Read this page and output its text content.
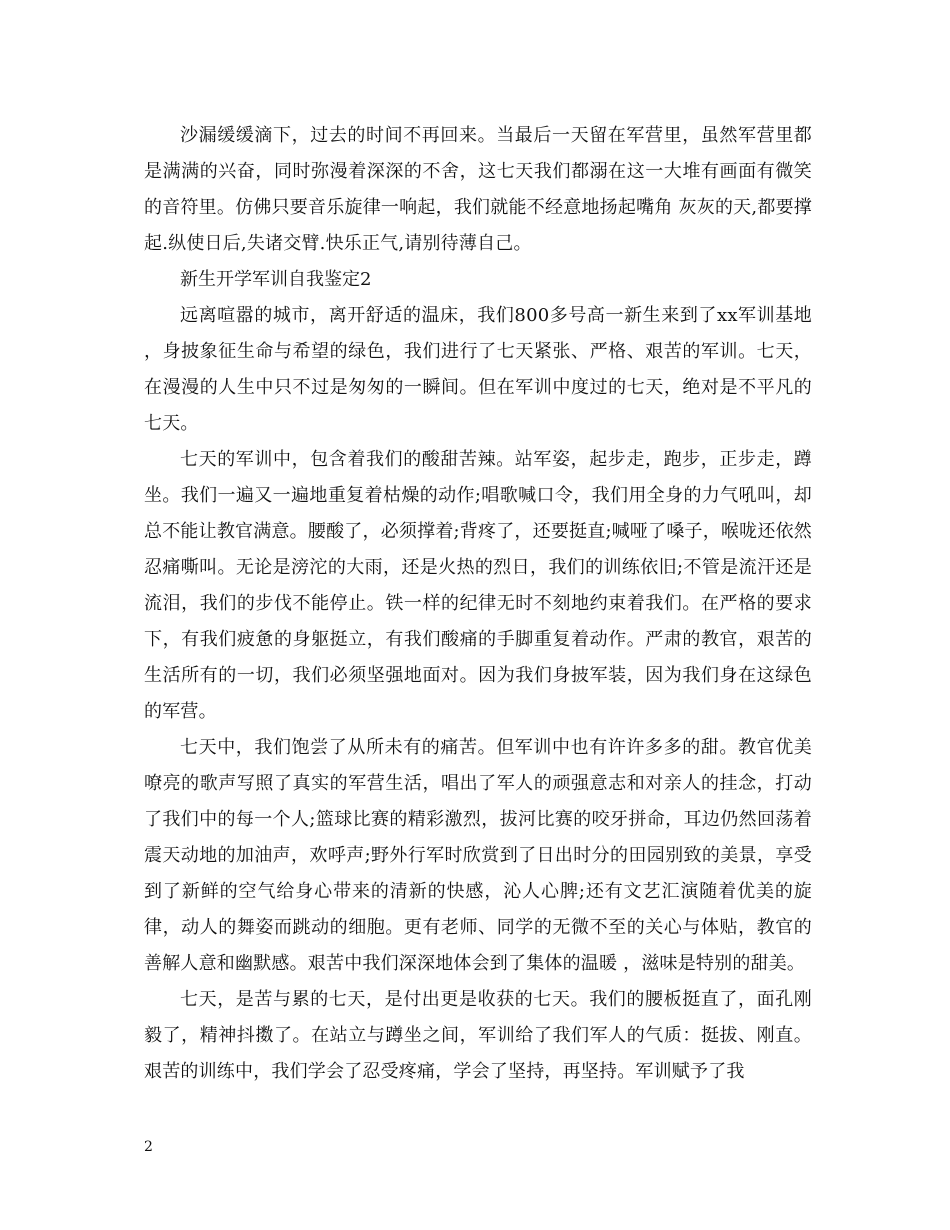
沙漏缓缓滴下，过去的时间不再回来。当最后一天留在军营里，虽然军营里都是满满的兴奋，同时弥漫着深深的不舍，这七天我们都溺在这一大堆有画面有微笑的音符里。仿佛只要音乐旋律一响起，我们就能不经意地扬起嘴角 灰灰的天,都要撑起.纵使日后,失诸交臂.快乐正气,请别待薄自己。

新生开学军训自我鉴定2

远离喧嚣的城市，离开舒适的温床，我们800多号高一新生来到了xx军训基地 ，身披象征生命与希望的绿色，我们进行了七天紧张、严格、艰苦的军训。七天，在漫漫的人生中只不过是匆匆的一瞬间。但在军训中度过的七天，绝对是不平凡的七天。

七天的军训中，包含着我们的酸甜苦辣。站军姿，起步走，跑步，正步走，蹲坐。我们一遍又一遍地重复着枯燥的动作;唱歌喊口令，我们用全身的力气吼叫，却总不能让教官满意。腰酸了，必须撑着;背疼了，还要挺直;喊哑了嗓子，喉咙还依然忍痛嘶叫。无论是滂沱的大雨，还是火热的烈日，我们的训练依旧;不管是流汗还是流泪，我们的步伐不能停止。铁一样的纪律无时不刻地约束着我们。在严格的要求下，有我们疲惫的身躯挺立，有我们酸痛的手脚重复着动作。严肃的教官，艰苦的生活所有的一切，我们必须坚强地面对。因为我们身披军装，因为我们身在这绿色的军营。

七天中，我们饱尝了从所未有的痛苦。但军训中也有许许多多的甜。教官优美嘹亮的歌声写照了真实的军营生活，唱出了军人的顽强意志和对亲人的挂念，打动了我们中的每一个人;篮球比赛的精彩激烈，拔河比赛的咬牙拼命，耳边仍然回荡着震天动地的加油声，欢呼声;野外行军时欣赏到了日出时分的田园别致的美景，享受到了新鲜的空气给身心带来的清新的快感，沁人心脾;还有文艺汇演随着优美的旋律，动人的舞姿而跳动的细胞。更有老师、同学的无微不至的关心与体贴，教官的善解人意和幽默感。艰苦中我们深深地体会到了集体的温暖 ，滋味是特别的甜美。

七天，是苦与累的七天，是付出更是收获的七天。我们的腰板挺直了，面孔刚毅了，精神抖擞了。在站立与蹲坐之间，军训给了我们军人的气质：挺拔、刚直。艰苦的训练中，我们学会了忍受疼痛，学会了坚持，再坚持。军训赋予了我

2
